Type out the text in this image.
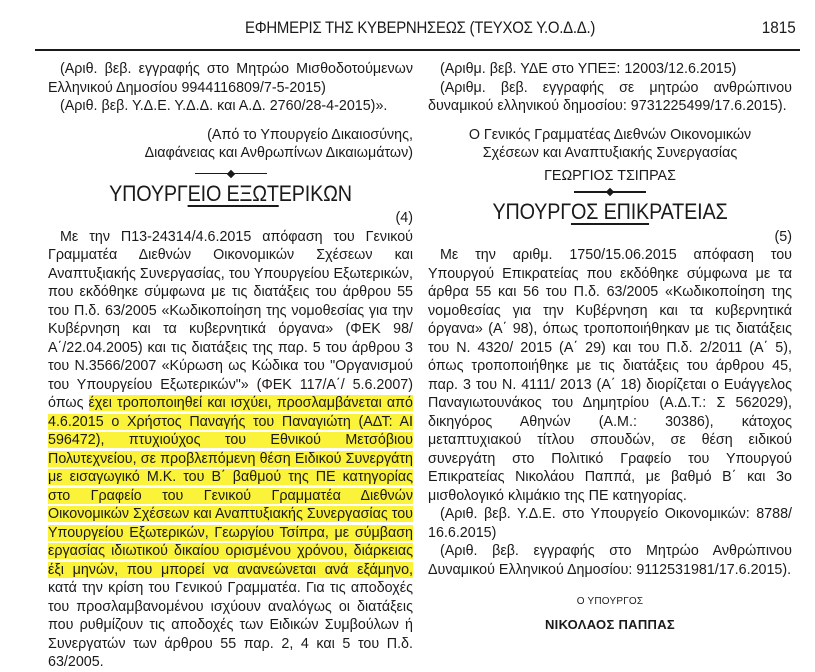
ΕΦΗΜΕΡΙΣ ΤΗΣ ΚΥΒΕΡΝΗΣΕΩΣ (ΤΕΥΧΟΣ Υ.Ο.Δ.Δ.)	1815

(Αριθ. βεβ. εγγραφής στο Μητρώο Μισθοδοτούμενων Ελληνικού Δημοσίου 9944116809/7-5-2015)

(Αριθ. βεβ. Υ.Δ.Ε. Υ.Δ.Δ. και Α.Δ. 2760/28-4-2015)».

(Από το Υπουργείο Δικαιοσύνης,

Διαφάνειας και Ανθρωπίνων Δικαιωμάτων)

ΥΠΟΥΡΓΕΙΟ ΕΞΩΤΕΡΙΚΩΝ
(4)

Με την Π13-24314/4.6.2015 απόφαση του Γενικού Γραμματέα Διεθνών Οικονομικών Σχέσεων και Αναπτυξιακής Συνεργασίας, του Υπουργείου Εξωτερικών, που εκδόθηκε σύμφωνα με τις διατάξεις του άρθρου 55 του Π.δ. 63/2005 «Κωδικοποίηση της νομοθεσίας για την Κυβέρνηση και τα κυβερνητικά όργανα» (ΦΕΚ 98/ Α΄/22.04.2005) και τις διατάξεις της παρ. 5 του άρθρου 3 του Ν.3566/2007 «Κύρωση ως Κώδικα του "Οργανισμού του Υπουργείου Εξωτερικών"» (ΦΕΚ 117/Α΄/ 5.6.2007) όπως έχει τροποποιηθεί και ισχύει, προσλαμβάνεται από 4.6.2015 ο Χρήστος Παναγής του Παναγιώτη (ΑΔΤ: ΑΙ 596472), πτυχιούχος του Εθνικού Μετσόβιου Πολυτεχνείου, σε προβλεπόμενη θέση Ειδικού Συνεργάτη με εισαγωγικό Μ.Κ. του Β΄ βαθμού της ΠΕ κατηγορίας στο Γραφείο του Γενικού Γραμματέα Διεθνών Οικονομικών Σχέσεων και Αναπτυξιακής Συνεργασίας του Υπουργείου Εξωτερικών, Γεωργίου Τσίπρα, με σύμβαση εργασίας ιδιωτικού δικαίου ορισμένου χρόνου, διάρκειας έξι μηνών, που μπορεί να ανανεώνεται ανά εξάμηνο, κατά την κρίση του Γενικού Γραμματέα. Για τις αποδοχές του προσλαμβανομένου ισχύουν αναλόγως οι διατάξεις που ρυθμίζουν τις αποδοχές των Ειδικών Συμβούλων ή Συνεργατών των άρθρου 55 παρ. 2, 4 και 5 του Π.δ. 63/2005.

(Αριθμ. βεβ. ΥΔΕ στο ΥΠΕΞ: 12003/12.6.2015)

(Αριθμ. βεβ. εγγραφής σε μητρώο ανθρώπινου δυναμικού ελληνικού δημοσίου: 9731225499/17.6.2015).

Ο Γενικός Γραμματέας Διεθνών Οικονομικών

Σχέσεων και Αναπτυξιακής Συνεργασίας

ΓΕΩΡΓΙΟΣ ΤΣΙΠΡΑΣ

ΥΠΟΥΡΓΟΣ ΕΠΙΚΡΑΤΕΙΑΣ
(5)

Με την αριθμ. 1750/15.06.2015 απόφαση του Υπουργού Επικρατείας που εκδόθηκε σύμφωνα με τα άρθρα 55 και 56 του Π.δ. 63/2005 «Κωδικοποίηση της νομοθεσίας για την Κυβέρνηση και τα κυβερνητικά όργανα» (Α΄ 98), όπως τροποποιήθηκαν με τις διατάξεις του Ν. 4320/ 2015 (Α΄ 29) και του Π.δ. 2/2011 (Α΄ 5), όπως τροποποιήθηκε με τις διατάξεις του άρθρου 45, παρ. 3 του Ν. 4111/ 2013 (Α΄ 18) διορίζεται ο Ευάγγελος Παναγιωτουνάκος του Δημητρίου (Α.Δ.Τ.: Σ 562029), δικηγόρος Αθηνών (Α.Μ.: 30386), κάτοχος μεταπτυχιακού τίτλου σπουδών, σε θέση ειδικού συνεργάτη στο Πολιτικό Γραφείο του Υπουργού Επικρατείας Νικολάου Παππά, με βαθμό Β΄ και 3ο μισθολογικό κλιμάκιο της ΠΕ κατηγορίας.

(Αριθ. βεβ. Υ.Δ.Ε. στο Υπουργείο Οικονομικών: 8788/ 16.6.2015)

(Αριθ. βεβ. εγγραφής στο Μητρώο Ανθρώπινου Δυναμικού Ελληνικού Δημοσίου: 9112531981/17.6.2015).

Ο ΥΠΟΥΡΓΟΣ
ΝΙΚΟΛΑΟΣ ΠΑΠΠΑΣ
